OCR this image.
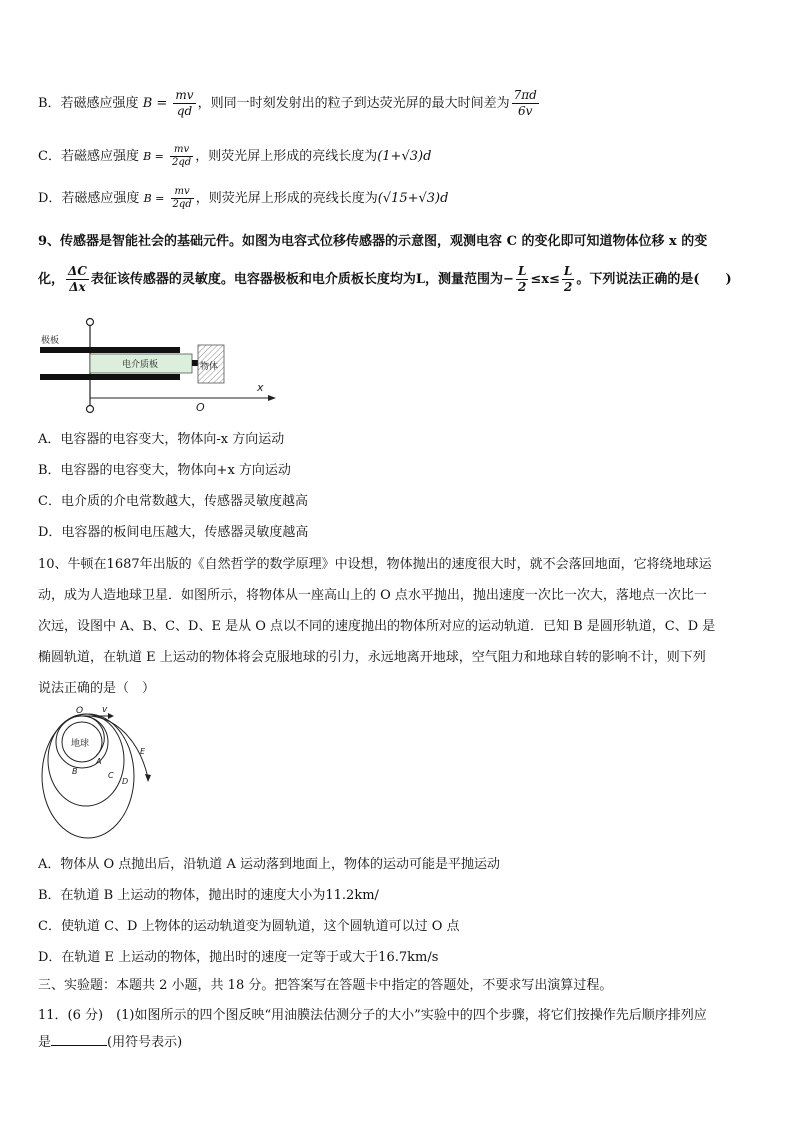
B．若磁感应强度 $B = \frac{mv}{qd}$ ，则同一时刻发射出的粒子到达荧光屏的最大时间差为 $\frac{7\pi d}{6v}$
C．若磁感应强度 $B = \frac{mv}{2qd}$ ，则荧光屏上形成的亮线长度为(1+√3)d
D．若磁感应强度 $B = \frac{mv}{2qd}$ ，则荧光屏上形成的亮线长度为(√15+√3)d
9、传感器是智能社会的基础元件。如图为电容式位移传感器的示意图，观测电容 C 的变化即可知道物体位移 x 的变
化， $\frac{\Delta C}{\Delta x}$ 表征该传感器的灵敏度。电容器极板和电介质板长度均为L，测量范围为− $\frac{L}{2} \le x\le \frac{L}{2}$ 。下列说法正确的是(　　)
电介质板
极板
物体
x
O
A．电容器的电容变大，物体向-x 方向运动
B．电容器的电容变大，物体向+x 方向运动
C．电介质的介电常数越大，传感器灵敏度越高
D．电容器的板间电压越大，传感器灵敏度越高
10、牛顿在1687年出版的《自然哲学的数学原理》中设想，物体抛出的速度很大时，就不会落回地面，它将绕地球运
动，成为人造地球卫星．如图所示，将物体从一座高山上的 O 点水平抛出，抛出速度一次比一次大，落地点一次比一
次远，设图中 A、B、C、D、E 是从 O 点以不同的速度抛出的物体所对应的运动轨道．已知 B 是圆形轨道，C、D 是
椭圆轨道，在轨道 E 上运动的物体将会克服地球的引力，永远地离开地球，空气阻力和地球自转的影响不计，则下列
说法正确的是（　）
地球
O v
A
B	C
D
E
A．物体从 O 点抛出后，沿轨道 A 运动落到地面上，物体的运动可能是平抛运动
B．在轨道 B 上运动的物体，抛出时的速度大小为11.2km/
C．使轨道 C、D 上物体的运动轨道变为圆轨道，这个圆轨道可以过 O 点
D．在轨道 E 上运动的物体，抛出时的速度一定等于或大于16.7km/s
三、实验题：本题共 2 小题，共 18 分。把答案写在答题卡中指定的答题处，不要求写出演算过程。
11．(6 分)　(1)如图所示的四个图反映“用油膜法估测分子的大小”实验中的四个步骤，将它们按操作先后顺序排列应
是	(用符号表示)
